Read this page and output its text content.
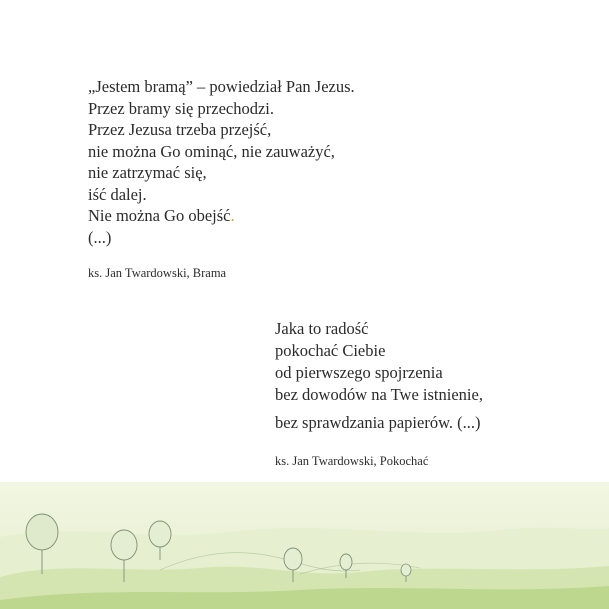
„Jestem bramą” – powiedział Pan Jezus.
Przez bramy się przechodzi.
Przez Jezusa trzeba przejść,
nie można Go ominąć, nie zauważyć,
nie zatrzymać się,
iść dalej.
Nie można Go obejść.
(...)
ks. Jan Twardowski, Brama
Jaka to radość
pokochać Ciebie
od pierwszego spojrzenia
bez dowodów na Twe istnienie,
bez sprawdzania papierów. (...)
ks. Jan Twardowski, Pokochać
